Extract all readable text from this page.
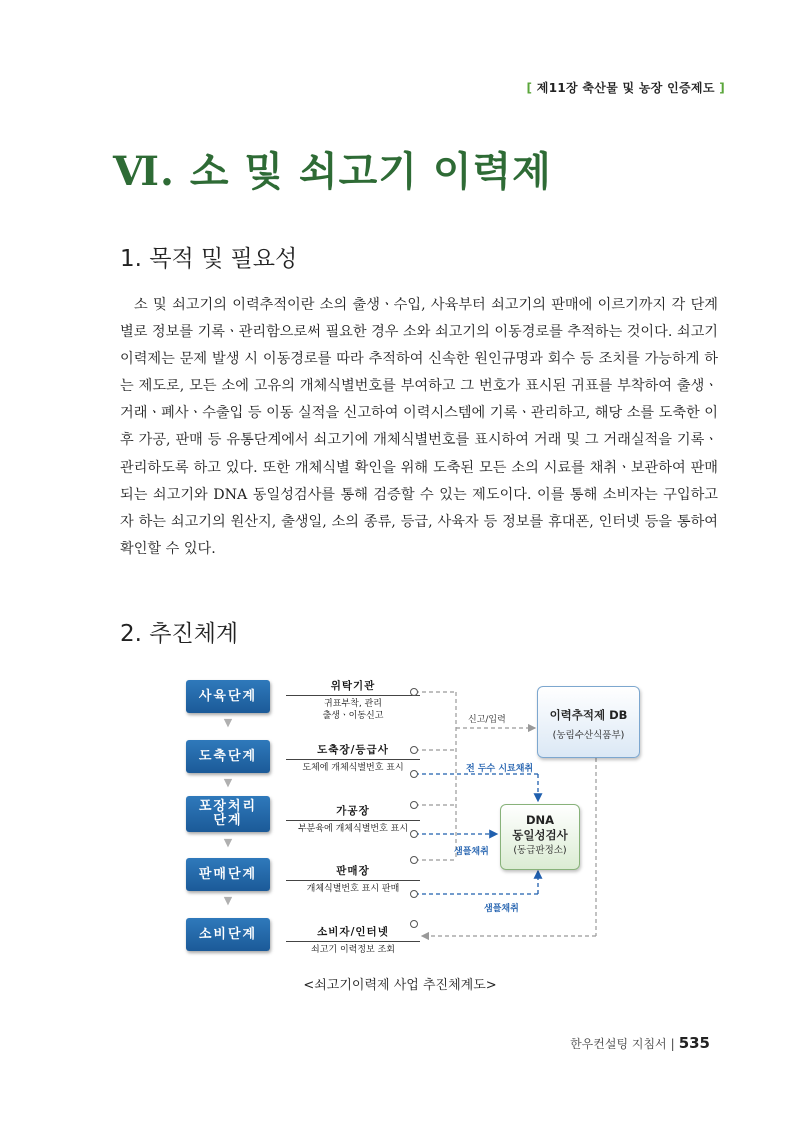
[ 제11장 축산물 및 농장 인증제도 ]
Ⅵ. 소 및 쇠고기 이력제
1. 목적 및 필요성

소 및 쇠고기의 이력추적이란 소의 출생ㆍ수입, 사육부터 쇠고기의 판매에 이르기까지 각 단계별로 정보를 기록ㆍ관리함으로써 필요한 경우 소와 쇠고기의 이동경로를 추적하는 것이다. 쇠고기 이력제는 문제 발생 시 이동경로를 따라 추적하여 신속한 원인규명과 회수 등 조치를 가능하게 하는 제도로, 모든 소에 고유의 개체식별번호를 부여하고 그 번호가 표시된 귀표를 부착하여 출생ㆍ거래ㆍ폐사ㆍ수출입 등 이동 실적을 신고하여 이력시스템에 기록ㆍ관리하고, 해당 소를 도축한 이후 가공, 판매 등 유통단계에서 쇠고기에 개체식별번호를 표시하여 거래 및 그 거래실적을 기록ㆍ관리하도록 하고 있다. 또한 개체식별 확인을 위해 도축된 모든 소의 시료를 채취ㆍ보관하여 판매되는 쇠고기와 DNA 동일성검사를 통해 검증할 수 있는 제도이다. 이를 통해 소비자는 구입하고자 하는 쇠고기의 원산지, 출생일, 소의 종류, 등급, 사육자 등 정보를 휴대폰, 인터넷 등을 통하여 확인할 수 있다.

2. 추진체계
사육단계
▼
도축단계
▼
포장처리
단계
▼
판매단계
▼
소비단계
위탁기관
귀표부착, 관리
출생ㆍ이동신고
도축장/등급사
도체에 개체식별번호 표시
가공장
부분육에 개체식별번호 표시
판매장
개체식별번호 표시 판매
소비자/인터넷
쇠고기 이력정보 조회
이력추적제 DB
(농림수산식품부)
DNA
동일성검사
(동급판정소)
신고/입력
전 두수 시료채취
샘플채취
샘플채취

<쇠고기이력제 사업 추진체계도>

한우컨설팅 지침서 | 535
